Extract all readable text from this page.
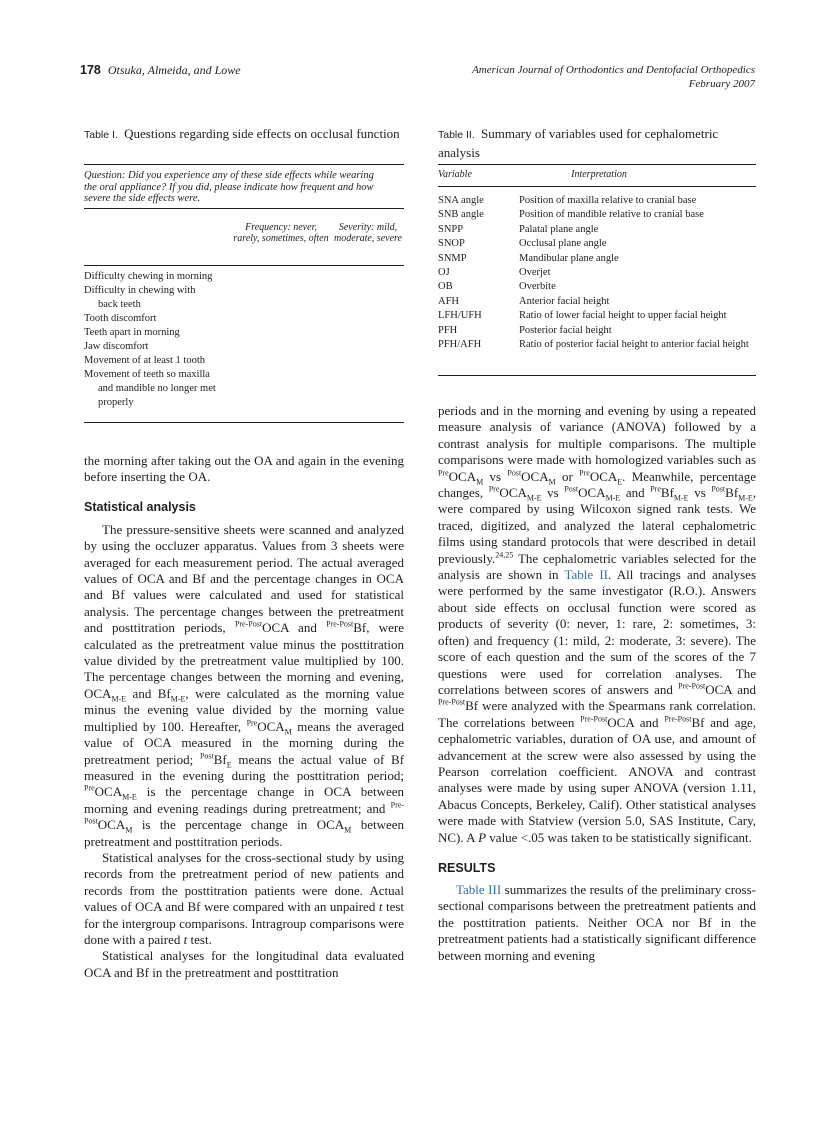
178 Otsuka, Almeida, and Lowe	American Journal of Orthodontics and Dentofacial Orthopedics
February 2007
Table I. Questions regarding side effects on occlusal function
Question: Did you experience any of these side effects while wearing the oral appliance? If you did, please indicate how frequent and how severe the side effects were.
Frequency: never, rarely, sometimes, often
Severity: mild, moderate, severe
Difficulty chewing in morning
Difficulty in chewing with
back teeth
Tooth discomfort
Teeth apart in morning
Jaw discomfort
Movement of at least 1 tooth
Movement of teeth so maxilla
and mandible no longer met properly
Table II. Summary of variables used for cephalometric analysis
Variable	Interpretation
SNA angle	Position of maxilla relative to cranial base
SNB angle	Position of mandible relative to cranial base
SNPP	Palatal plane angle
SNOP	Occlusal plane angle
SNMP	Mandibular plane angle
OJ	Overjet
OB	Overbite
AFH	Anterior facial height
LFH/UFH	Ratio of lower facial height to upper facial height
PFH	Posterior facial height
PFH/AFH	Ratio of posterior facial height to anterior facial height

the morning after taking out the OA and again in the evening before inserting the OA.

Statistical analysis

The pressure-sensitive sheets were scanned and analyzed by using the occluzer apparatus. Values from 3 sheets were averaged for each measurement period. The actual averaged values of OCA and Bf and the percentage changes in OCA and Bf values were calculated and used for statistical analysis. The percentage changes between the pretreatment and posttitration periods, $^{Pre-Post}$OCA and $^{Pre-Post}$Bf, were calculated as the pretreatment value minus the posttitration value divided by the pretreatment value multiplied by 100. The percentage changes between the morning and evening, $OCA_{M-E}$ and $Bf_{M-E}$, were calculated as the morning value minus the evening value divided by the morning value multiplied by 100. Hereafter, $^{Pre}OCA_M$ means the averaged value of OCA measured in the morning during the pretreatment period; $^{Post}Bf_E$ means the actual value of Bf measured in the evening during the posttitration period; $^{Pre}OCA_{M-E}$ is the percentage change in OCA between morning and evening readings during pretreatment; and $^{Pre-Post}OCA_M$ is the percentage change in $OCA_M$ between pretreatment and posttitration periods.

Statistical analyses for the cross-sectional study by using records from the pretreatment period of new patients and records from the posttitration patients were done. Actual values of OCA and Bf were compared with an unpaired t test for the intergroup comparisons. Intragroup comparisons were done with a paired t test.

Statistical analyses for the longitudinal data evaluated OCA and Bf in the pretreatment and posttitration

periods and in the morning and evening by using a repeated measure analysis of variance (ANOVA) followed by a contrast analysis for multiple comparisons. The multiple comparisons were made with homologized variables such as $^{Pre}OCA_M$ vs $^{Post}OCA_M$ or $^{Pre}OCA_E$. Meanwhile, percentage changes, $^{Pre}OCA_{M-E}$ vs $^{Post}OCA_{M-E}$ and $^{Pre}Bf_{M-E}$ vs $^{Post}Bf_{M-E}$, were compared by using Wilcoxon signed rank tests. We traced, digitized, and analyzed the lateral cephalometric films using standard protocols that were described in detail previously.$^{24,25}$ The cephalometric variables selected for the analysis are shown in Table II. All tracings and analyses were performed by the same investigator (R.O.). Answers about side effects on occlusal function were scored as products of severity (0: never, 1: rare, 2: sometimes, 3: often) and frequency (1: mild, 2: moderate, 3: severe). The score of each question and the sum of the scores of the 7 questions were used for correlation analyses. The correlations between scores of answers and $^{Pre-Post}$OCA and $^{Pre-Post}$Bf were analyzed with the Spearmans rank correlation. The correlations between $^{Pre-Post}$OCA and $^{Pre-Post}$Bf and age, cephalometric variables, duration of OA use, and amount of advancement at the screw were also assessed by using the Pearson correlation coefficient. ANOVA and contrast analyses were made by using super ANOVA (version 1.11, Abacus Concepts, Berkeley, Calif). Other statistical analyses were made with Statview (version 5.0, SAS Institute, Cary, NC). A P value <.05 was taken to be statistically significant.

RESULTS

Table III summarizes the results of the preliminary cross-sectional comparisons between the pretreatment patients and the posttitration patients. Neither OCA nor Bf in the pretreatment patients had a statistically significant difference between morning and evening
